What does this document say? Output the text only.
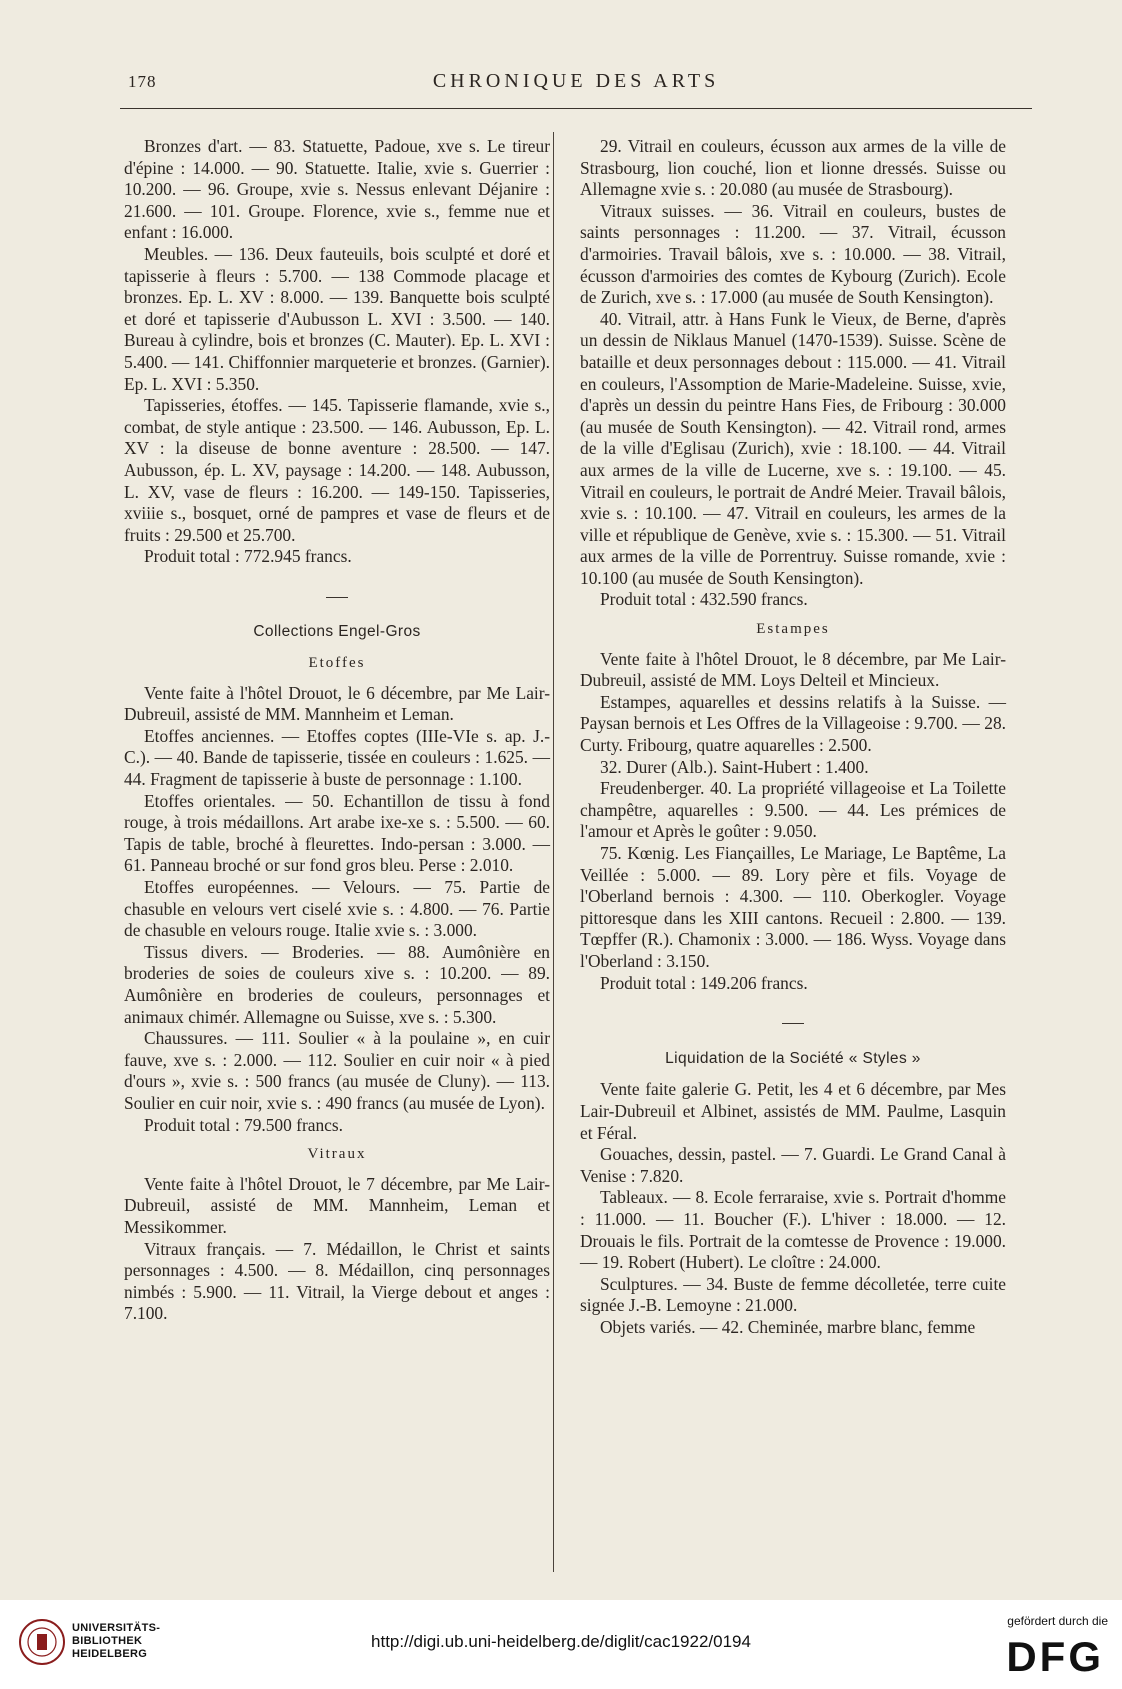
178	CHRONIQUE DES ARTS

Bronzes d'art. — 83. Statuette, Padoue, xve s. Le tireur d'épine : 14.000. — 90. Statuette. Italie, xvie s. Guerrier : 10.200. — 96. Groupe, xvie s. Nessus enlevant Déjanire : 21.600. — 101. Groupe. Florence, xvie s., femme nue et enfant : 16.000.

Meubles. — 136. Deux fauteuils, bois sculpté et doré et tapisserie à fleurs : 5.700. — 138 Commode placage et bronzes. Ep. L. XV : 8.000. — 139. Banquette bois sculpté et doré et tapisserie d'Aubusson L. XVI : 3.500. — 140. Bureau à cylindre, bois et bronzes (C. Mauter). Ep. L. XVI : 5.400. — 141. Chiffonnier marqueterie et bronzes. (Garnier). Ep. L. XVI : 5.350.

Tapisseries, étoffes. — 145. Tapisserie flamande, xvie s., combat, de style antique : 23.500. — 146. Aubusson, Ep. L. XV : la diseuse de bonne aventure : 28.500. — 147. Aubusson, ép. L. XV, paysage : 14.200. — 148. Aubusson, L. XV, vase de fleurs : 16.200. — 149-150. Tapisseries, xviiie s., bosquet, orné de pampres et vase de fleurs et de fruits : 29.500 et 25.700.

Produit total : 772.945 francs.

Collections Engel-Gros
Etoffes

Vente faite à l'hôtel Drouot, le 6 décembre, par Me Lair-Dubreuil, assisté de MM. Mannheim et Leman.

Etoffes anciennes. — Etoffes coptes (IIIe-VIe s. ap. J.-C.). — 40. Bande de tapisserie, tissée en couleurs : 1.625. — 44. Fragment de tapisserie à buste de personnage : 1.100.

Etoffes orientales. — 50. Echantillon de tissu à fond rouge, à trois médaillons. Art arabe ixe-xe s. : 5.500. — 60. Tapis de table, broché à fleurettes. Indo-persan : 3.000. — 61. Panneau broché or sur fond gros bleu. Perse : 2.010.

Etoffes européennes. — Velours. — 75. Partie de chasuble en velours vert ciselé xvie s. : 4.800. — 76. Partie de chasuble en velours rouge. Italie xvie s. : 3.000.

Tissus divers. — Broderies. — 88. Aumônière en broderies de soies de couleurs xive s. : 10.200. — 89. Aumônière en broderies de couleurs, personnages et animaux chimér. Allemagne ou Suisse, xve s. : 5.300.

Chaussures. — 111. Soulier « à la poulaine », en cuir fauve, xve s. : 2.000. — 112. Soulier en cuir noir « à pied d'ours », xvie s. : 500 francs (au musée de Cluny). — 113. Soulier en cuir noir, xvie s. : 490 francs (au musée de Lyon).

Produit total : 79.500 francs.

Vitraux

Vente faite à l'hôtel Drouot, le 7 décembre, par Me Lair-Dubreuil, assisté de MM. Mannheim, Leman et Messikommer.

Vitraux français. — 7. Médaillon, le Christ et saints personnages : 4.500. — 8. Médaillon, cinq personnages nimbés : 5.900. — 11. Vitrail, la Vierge debout et anges : 7.100.

29. Vitrail en couleurs, écusson aux armes de la ville de Strasbourg, lion couché, lion et lionne dressés. Suisse ou Allemagne xvie s. : 20.080 (au musée de Strasbourg).

Vitraux suisses. — 36. Vitrail en couleurs, bustes de saints personnages : 11.200. — 37. Vitrail, écusson d'armoiries. Travail bâlois, xve s. : 10.000. — 38. Vitrail, écusson d'armoiries des comtes de Kybourg (Zurich). Ecole de Zurich, xve s. : 17.000 (au musée de South Kensington).

40. Vitrail, attr. à Hans Funk le Vieux, de Berne, d'après un dessin de Niklaus Manuel (1470-1539). Suisse. Scène de bataille et deux personnages debout : 115.000. — 41. Vitrail en couleurs, l'Assomption de Marie-Madeleine. Suisse, xvie, d'après un dessin du peintre Hans Fies, de Fribourg : 30.000 (au musée de South Kensington). — 42. Vitrail rond, armes de la ville d'Eglisau (Zurich), xvie : 18.100. — 44. Vitrail aux armes de la ville de Lucerne, xve s. : 19.100. — 45. Vitrail en couleurs, le portrait de André Meier. Travail bâlois, xvie s. : 10.100. — 47. Vitrail en couleurs, les armes de la ville et république de Genève, xvie s. : 15.300. — 51. Vitrail aux armes de la ville de Porrentruy. Suisse romande, xvie : 10.100 (au musée de South Kensington).

Produit total : 432.590 francs.

Estampes

Vente faite à l'hôtel Drouot, le 8 décembre, par Me Lair-Dubreuil, assisté de MM. Loys Delteil et Mincieux.

Estampes, aquarelles et dessins relatifs à la Suisse. — Paysan bernois et Les Offres de la Villageoise : 9.700. — 28. Curty. Fribourg, quatre aquarelles : 2.500.

32. Durer (Alb.). Saint-Hubert : 1.400.

Freudenberger. 40. La propriété villageoise et La Toilette champêtre, aquarelles : 9.500. — 44. Les prémices de l'amour et Après le goûter : 9.050.

75. Kœnig. Les Fiançailles, Le Mariage, Le Baptême, La Veillée : 5.000. — 89. Lory père et fils. Voyage de l'Oberland bernois : 4.300. — 110. Oberkogler. Voyage pittoresque dans les XIII cantons. Recueil : 2.800. — 139. Tœpffer (R.). Chamonix : 3.000. — 186. Wyss. Voyage dans l'Oberland : 3.150.

Produit total : 149.206 francs.

Liquidation de la Société « Styles »

Vente faite galerie G. Petit, les 4 et 6 décembre, par Mes Lair-Dubreuil et Albinet, assistés de MM. Paulme, Lasquin et Féral.

Gouaches, dessin, pastel. — 7. Guardi. Le Grand Canal à Venise : 7.820.

Tableaux. — 8. Ecole ferraraise, xvie s. Portrait d'homme : 11.000. — 11. Boucher (F.). L'hiver : 18.000. — 12. Drouais le fils. Portrait de la comtesse de Provence : 19.000. — 19. Robert (Hubert). Le cloître : 24.000.

Sculptures. — 34. Buste de femme décolletée, terre cuite signée J.-B. Lemoyne : 21.000.

Objets variés. — 42. Cheminée, marbre blanc, femme

UNIVERSITÄTS-
BIBLIOTHEK
HEIDELBERG
http://digi.ub.uni-heidelberg.de/diglit/cac1922/0194
gefördert durch die
DFG
